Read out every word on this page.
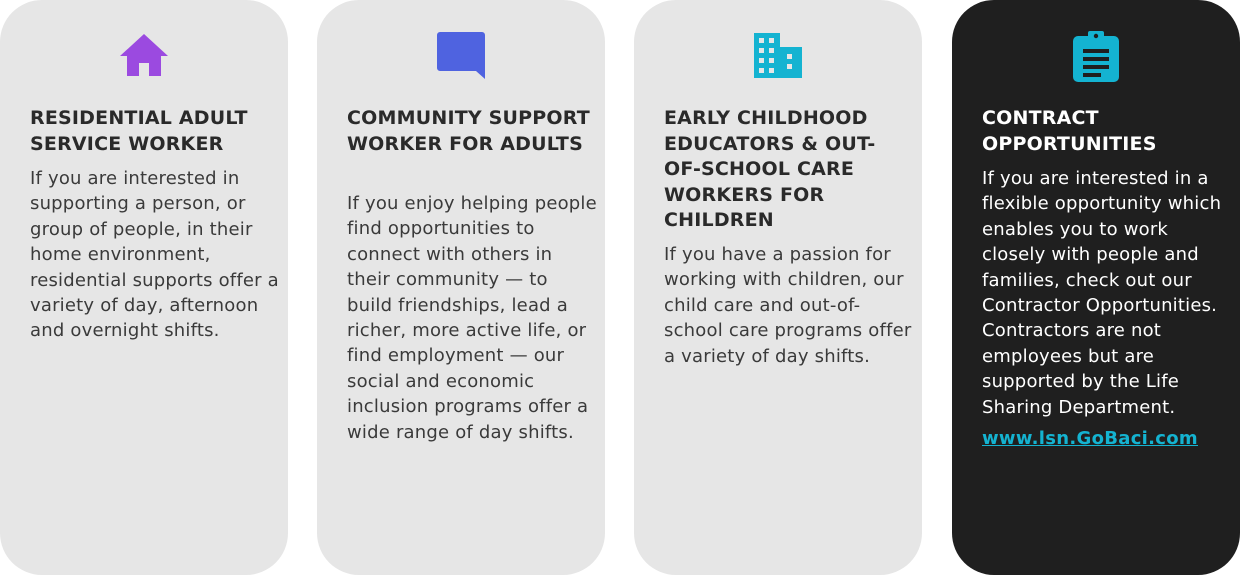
RESIDENTIAL ADULT SERVICE WORKER
If you are interested in supporting a person, or group of people, in their home environment, residential supports offer a variety of day, afternoon and overnight shifts.
COMMUNITY SUPPORT WORKER FOR ADULTS
If you enjoy helping people find opportunities to connect with others in their community — to build friendships, lead a richer, more active life, or find employment — our social and economic inclusion programs offer a wide range of day shifts.
EARLY CHILDHOOD EDUCATORS & OUT-OF-SCHOOL CARE WORKERS FOR CHILDREN
If you have a passion for working with children, our child care and out-of-school care programs offer a variety of day shifts.
CONTRACT OPPORTUNITIES
If you are interested in a flexible opportunity which enables you to work closely with people and families, check out our Contractor Opportunities. Contractors are not employees but are supported by the Life Sharing Department.
www.lsn.GoBaci.com
